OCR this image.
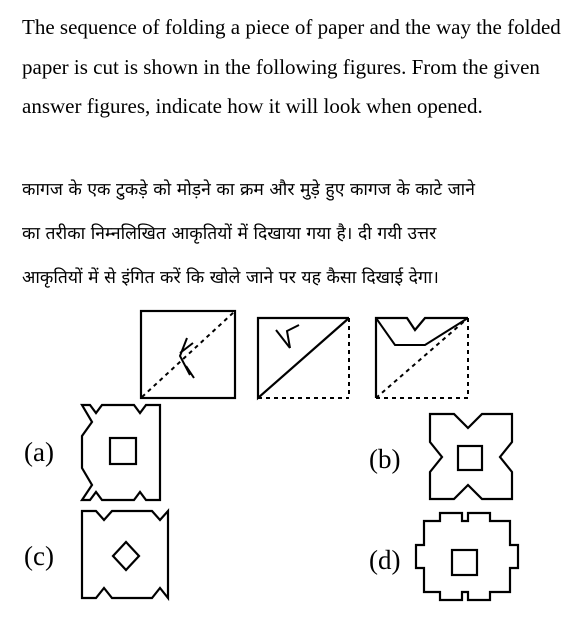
The sequence of folding a piece of paper and the way the folded paper is cut is shown in the following figures. From the given answer figures, indicate how it will look when opened.

कागज के एक टुकड़े को मोड़ने का क्रम और मुड़े हुए कागज के काटे जाने
का तरीका निम्नलिखित आकृतियों में दिखाया गया है। दी गयी उत्तर
आकृतियों में से इंगित करें कि खोले जाने पर यह कैसा दिखाई देगा।
(a)	(b)
(c)	(d)
